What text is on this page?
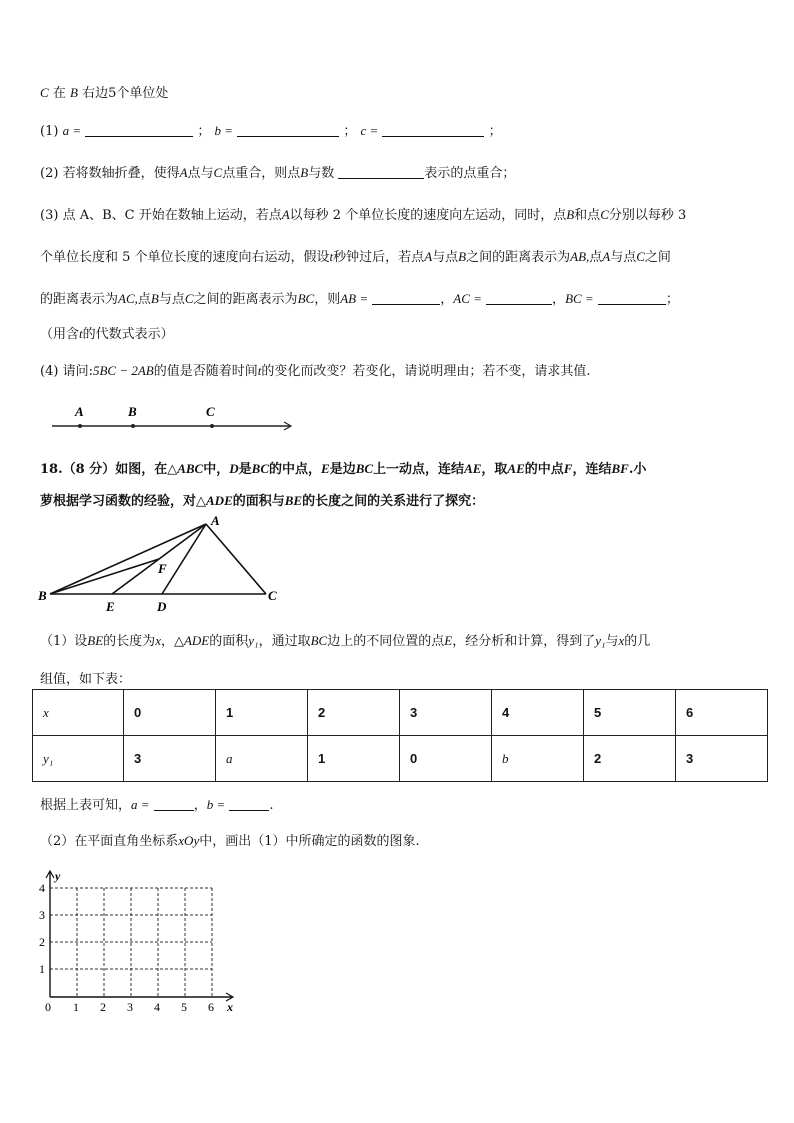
C 在 B 右边5个单位处
(1) a =	； b =	； c =	；
(2) 若将数轴折叠，使得A点与C点重合，则点B与数	表示的点重合；
(3) 点 A、B、C 开始在数轴上运动，若点A以每秒 2 个单位长度的速度向左运动，同时，点B和点C分别以每秒 3
个单位长度和 5 个单位长度的速度向右运动，假设t秒钟过后，若点A与点B之间的距离表示为AB,点A与点C之间
的距离表示为AC,点B与点C之间的距离表示为BC，则AB =	，AC =	，BC =	；
（用含t的代数式表示）
(4) 请问:5BC − 2AB的值是否随着时间t的变化而改变？若变化，请说明理由；若不变，请求其值.
A	B	C
18.（8 分）如图，在△ABC中，D是BC的中点，E是边BC上一动点，连结AE，取AE的中点F，连结BF.小
萝根据学习函数的经验，对△ADE的面积与BE的长度之间的关系进行了探究：
A
B	C
D
E
F
（1）设BE的长度为x，△ADE的面积y₁，通过取BC边上的不同位置的点E，经分析和计算，得到了y₁与x的几
组值，如下表：
x	0	1	2	3	4	5	6
y₁	3	a	1	0	b	2	3
根据上表可知，a =	，b =	.
（2）在平面直角坐标系xOy中，画出（1）中所确定的函数的图象.
y
x
0 1 2 3 4 5 6
1
2
3
4
